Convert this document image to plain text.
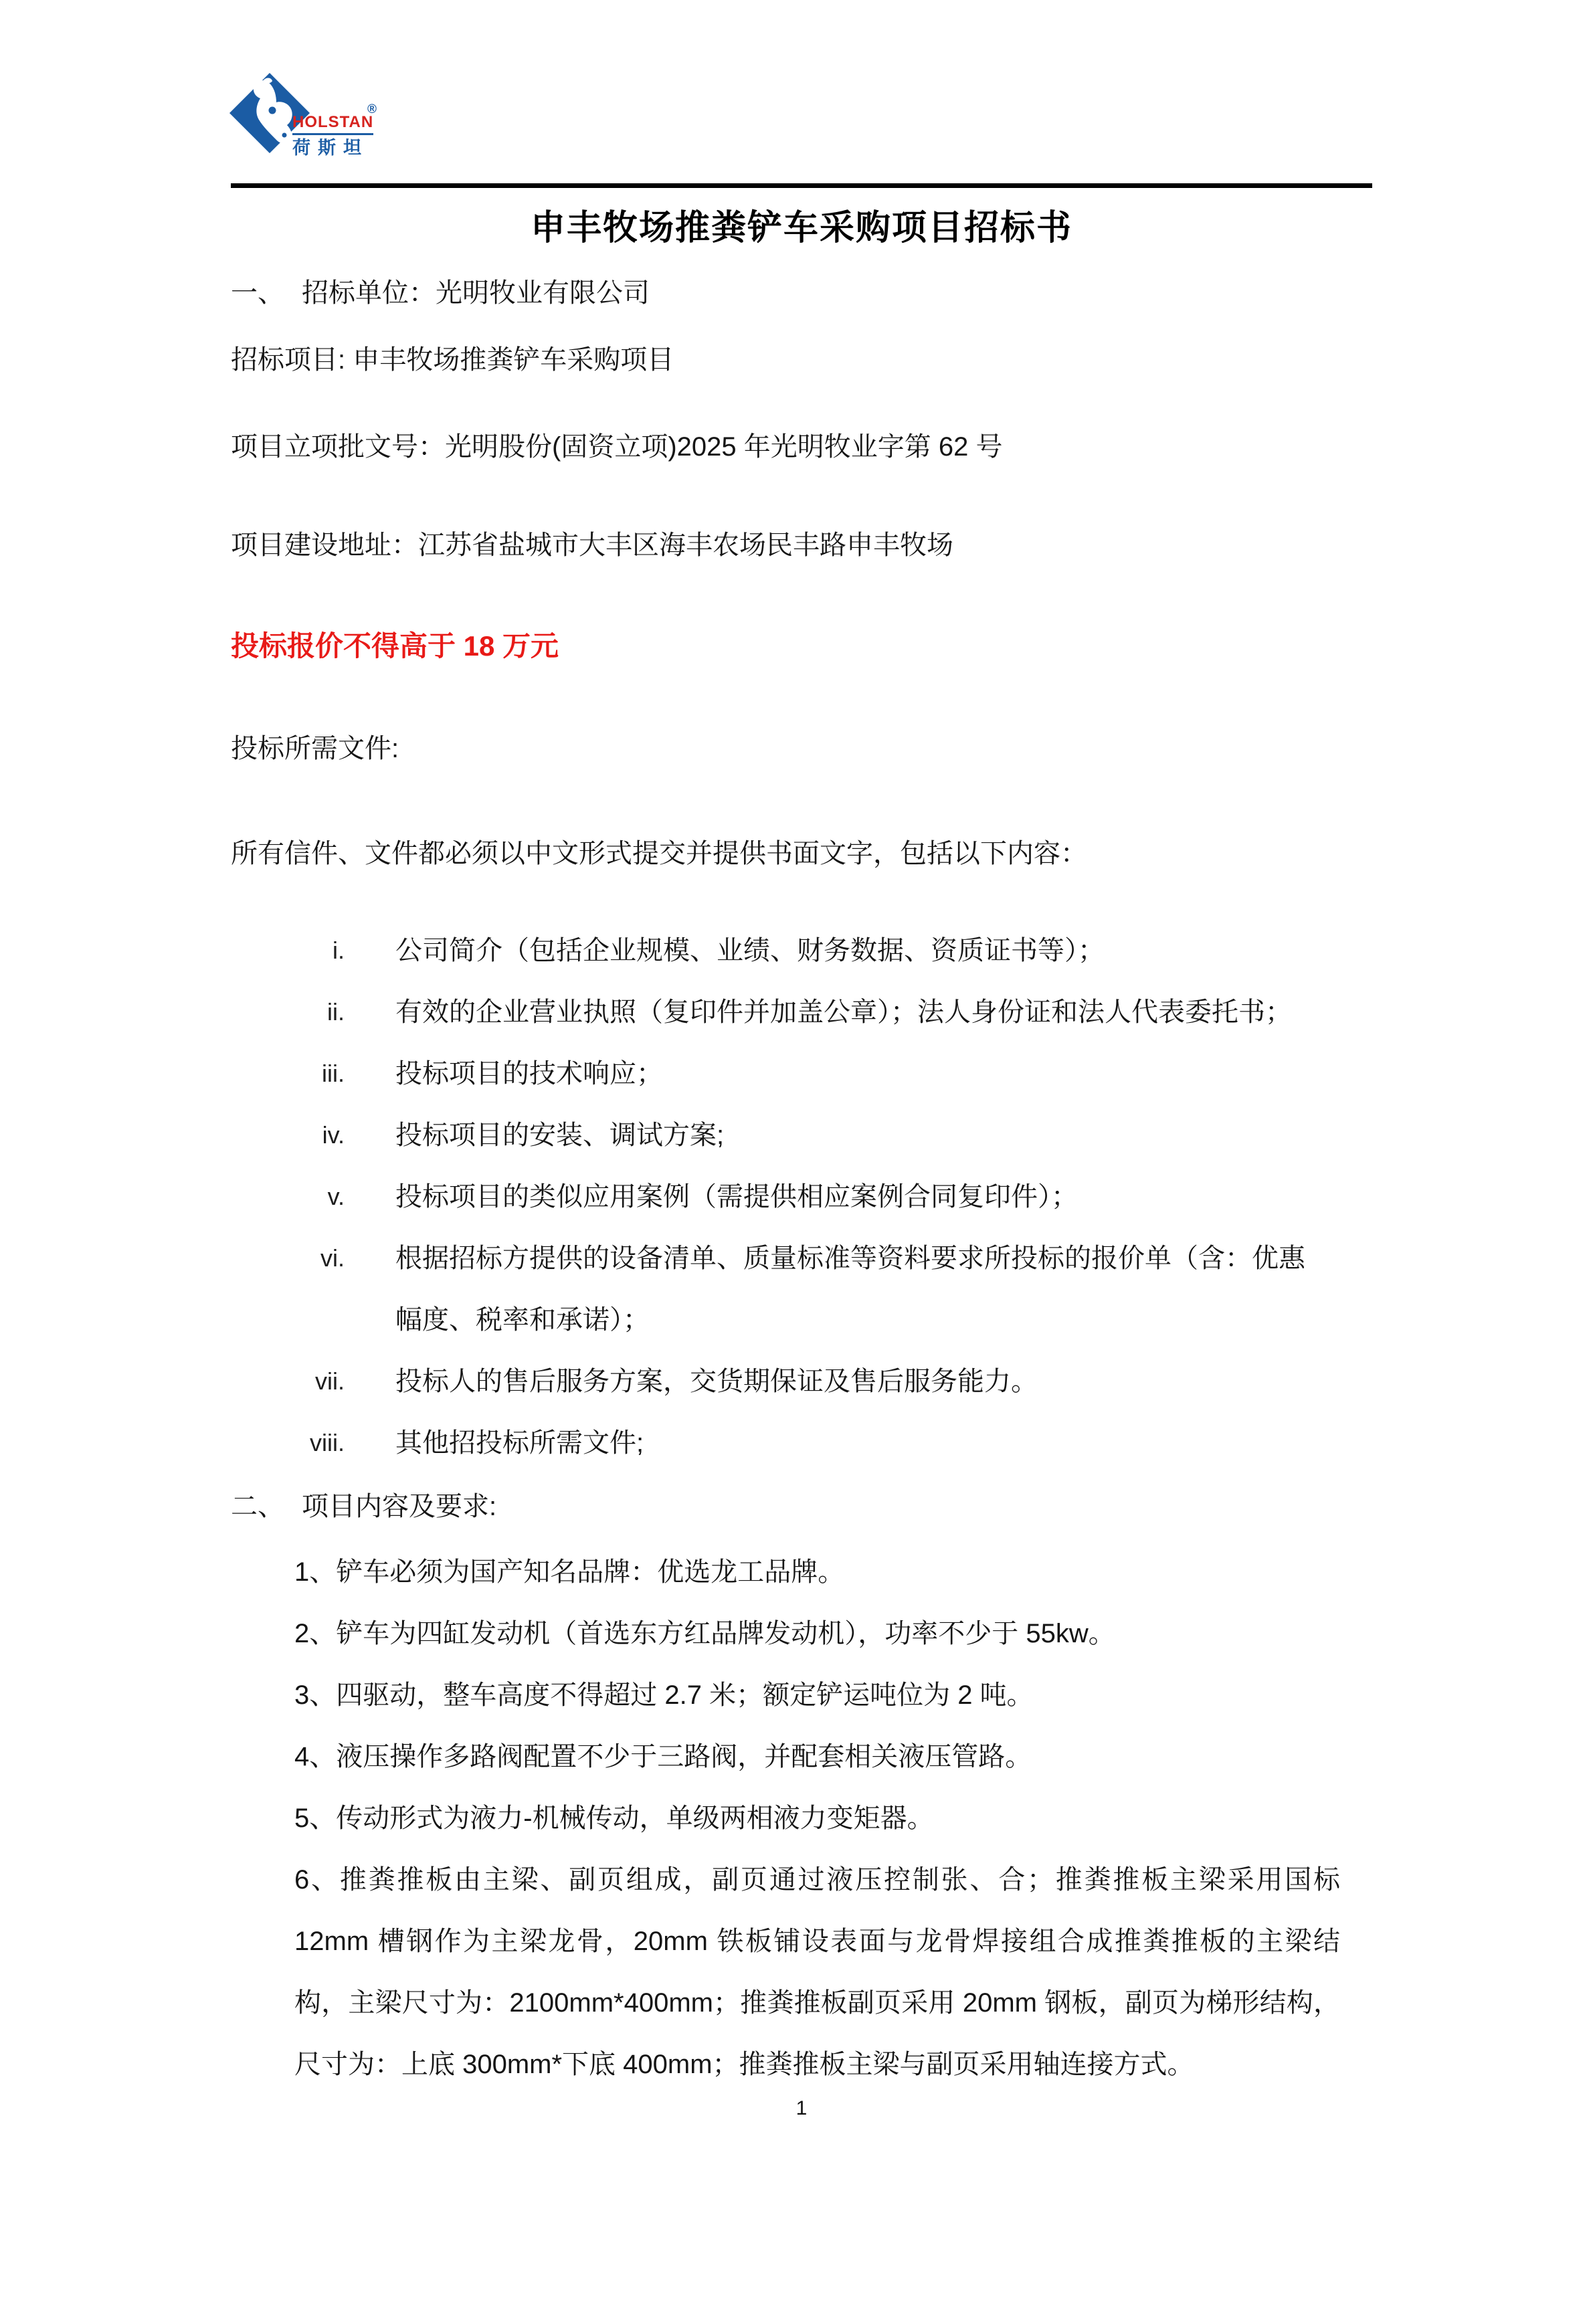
HOLSTAN
®
荷斯坦
申丰牧场推粪铲车采购项目招标书
一、 招标单位：光明牧业有限公司

招标项目: 申丰牧场推粪铲车采购项目

项目立项批文号：光明股份(固资立项)2025 年光明牧业字第 62 号

项目建设地址：江苏省盐城市大丰区海丰农场民丰路申丰牧场

投标报价不得高于 18 万元

投标所需文件:

所有信件、文件都必须以中文形式提交并提供书面文字，包括以下内容：

i. 公司简介（包括企业规模、业绩、财务数据、资质证书等）；
ii. 有效的企业营业执照（复印件并加盖公章）；法人身份证和法人代表委托书；
iii. 投标项目的技术响应；
iv. 投标项目的安装、调试方案;
v. 投标项目的类似应用案例（需提供相应案例合同复印件）；
vi. 根据招标方提供的设备清单、质量标准等资料要求所投标的报价单（含：优惠幅度、税率和承诺）；
vii. 投标人的售后服务方案，交货期保证及售后服务能力。
viii. 其他招投标所需文件;
二、 项目内容及要求:
1、铲车必须为国产知名品牌：优选龙工品牌。
2、铲车为四缸发动机（首选东方红品牌发动机），功率不少于 55kw。
3、四驱动，整车高度不得超过 2.7 米；额定铲运吨位为 2 吨。
4、液压操作多路阀配置不少于三路阀，并配套相关液压管路。
5、传动形式为液力-机械传动，单级两相液力变矩器。
6、推粪推板由主梁、副页组成，副页通过液压控制张、合；推粪推板主梁采用国标 12mm 槽钢作为主梁龙骨，20mm 铁板铺设表面与龙骨焊接组合成推粪推板的主梁结构，主梁尺寸为：2100mm*400mm；推粪推板副页采用 20mm 钢板，副页为梯形结构，尺寸为：上底 300mm*下底 400mm；推粪推板主梁与副页采用轴连接方式。
1
